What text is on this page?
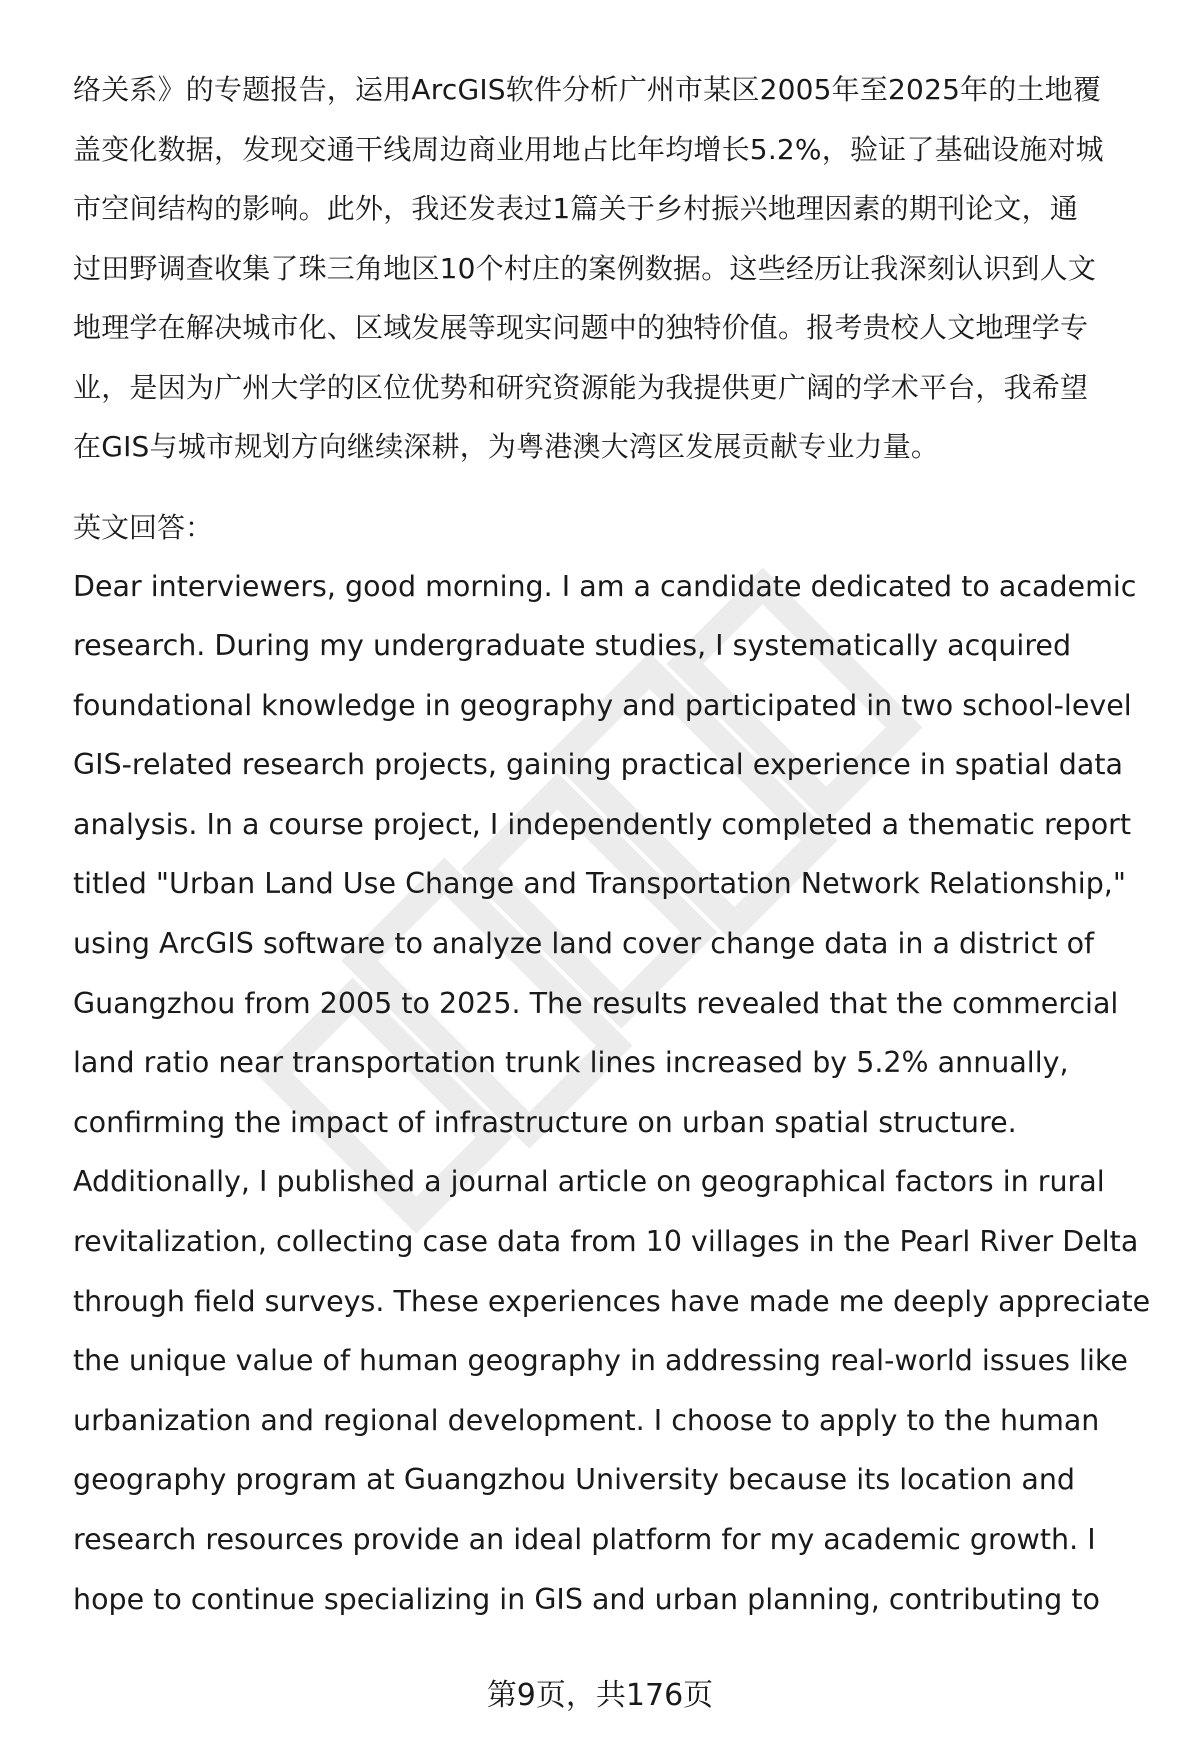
络关系》的专题报告，运用ArcGIS软件分析广州市某区2005年至2025年的土地覆
盖变化数据，发现交通干线周边商业用地占比年均增长5.2%，验证了基础设施对城
市空间结构的影响。此外，我还发表过1篇关于乡村振兴地理因素的期刊论文，通
过田野调查收集了珠三角地区10个村庄的案例数据。这些经历让我深刻认识到人文
地理学在解决城市化、区域发展等现实问题中的独特价值。报考贵校人文地理学专
业，是因为广州大学的区位优势和研究资源能为我提供更广阔的学术平台，我希望
在GIS与城市规划方向继续深耕，为粤港澳大湾区发展贡献专业力量。
英文回答：
Dear interviewers, good morning. I am a candidate dedicated to academic
research. During my undergraduate studies, I systematically acquired
foundational knowledge in geography and participated in two school-level
GIS-related research projects, gaining practical experience in spatial data
analysis. In a course project, I independently completed a thematic report
titled "Urban Land Use Change and Transportation Network Relationship,"
using ArcGIS software to analyze land cover change data in a district of
Guangzhou from 2005 to 2025. The results revealed that the commercial
land ratio near transportation trunk lines increased by 5.2% annually,
confirming the impact of infrastructure on urban spatial structure.
Additionally, I published a journal article on geographical factors in rural
revitalization, collecting case data from 10 villages in the Pearl River Delta
through field surveys. These experiences have made me deeply appreciate
the unique value of human geography in addressing real-world issues like
urbanization and regional development. I choose to apply to the human
geography program at Guangzhou University because its location and
research resources provide an ideal platform for my academic growth. I
hope to continue specializing in GIS and urban planning, contributing to
第9页，共176页
